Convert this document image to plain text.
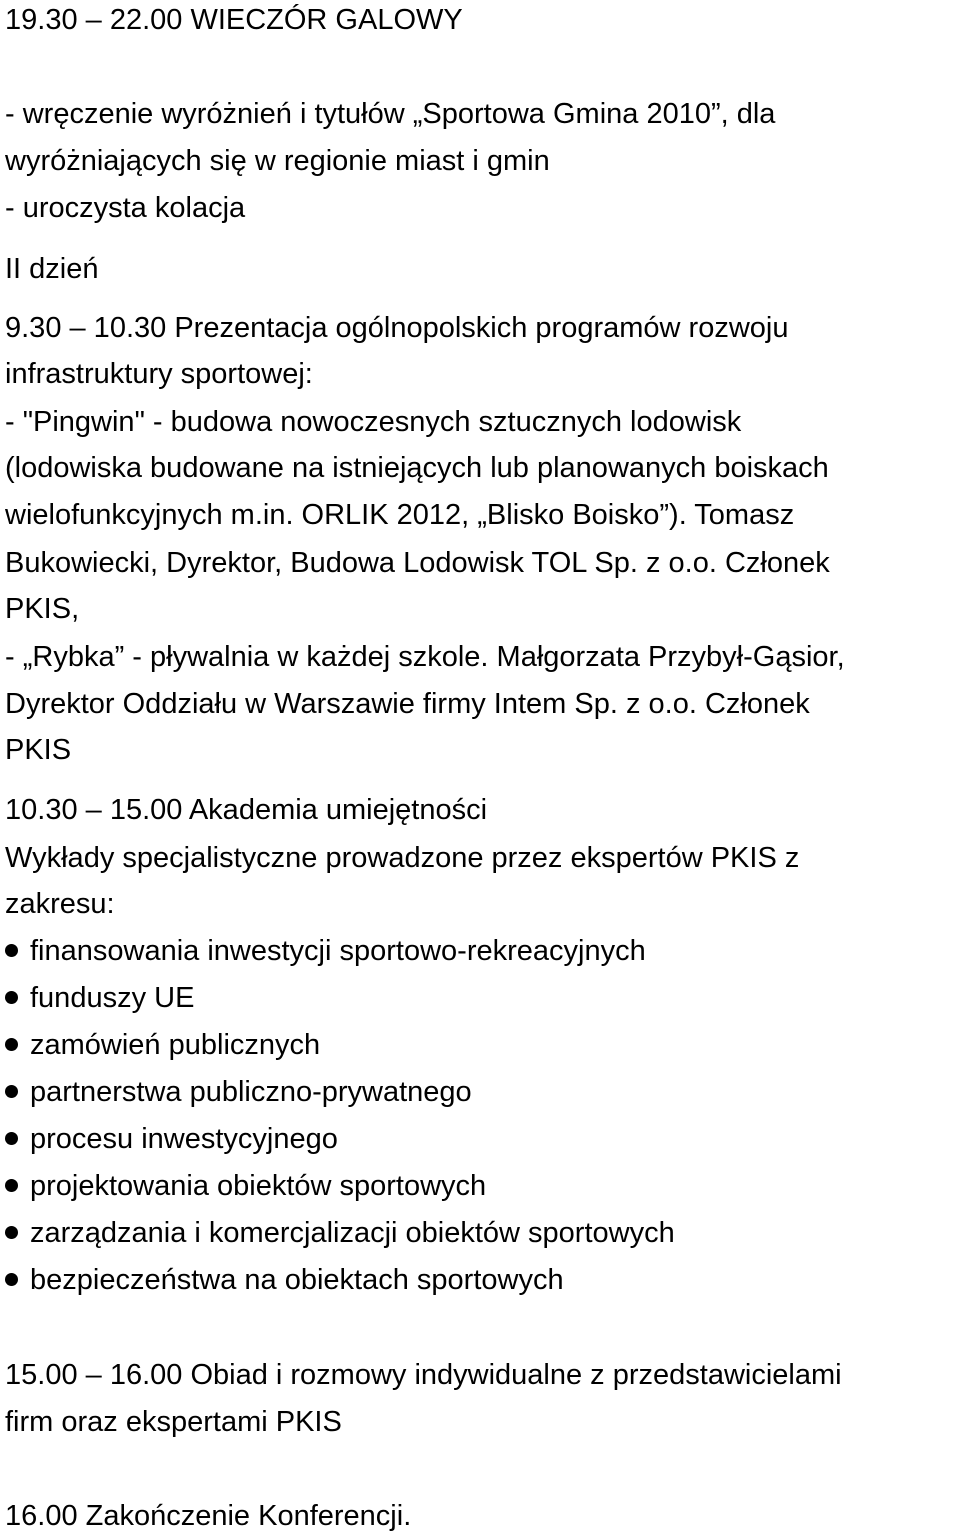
19.30 – 22.00 WIECZÓR GALOWY
- wręczenie wyróżnień i tytułów „Sportowa Gmina 2010”, dla
wyróżniających się w regionie miast i gmin
- uroczysta kolacja
II dzień
9.30 – 10.30 Prezentacja ogólnopolskich programów rozwoju
infrastruktury sportowej:
- "Pingwin" - budowa nowoczesnych sztucznych lodowisk
(lodowiska budowane na istniejących lub planowanych boiskach
wielofunkcyjnych m.in. ORLIK 2012, „Blisko Boisko”). Tomasz
Bukowiecki, Dyrektor, Budowa Lodowisk TOL Sp. z o.o. Członek
PKIS,
- „Rybka” - pływalnia w każdej szkole. Małgorzata Przybył-Gąsior,
Dyrektor Oddziału w Warszawie firmy Intem Sp. z o.o. Członek
PKIS
10.30 – 15.00 Akademia umiejętności
Wykłady specjalistyczne prowadzone przez ekspertów PKIS z
zakresu:
finansowania inwestycji sportowo-rekreacyjnych
funduszy UE
zamówień publicznych
partnerstwa publiczno-prywatnego
procesu inwestycyjnego
projektowania obiektów sportowych
zarządzania i komercjalizacji obiektów sportowych
bezpieczeństwa na obiektach sportowych
15.00 – 16.00 Obiad i rozmowy indywidualne z przedstawicielami
firm oraz ekspertami PKIS
16.00 Zakończenie Konferencji.
